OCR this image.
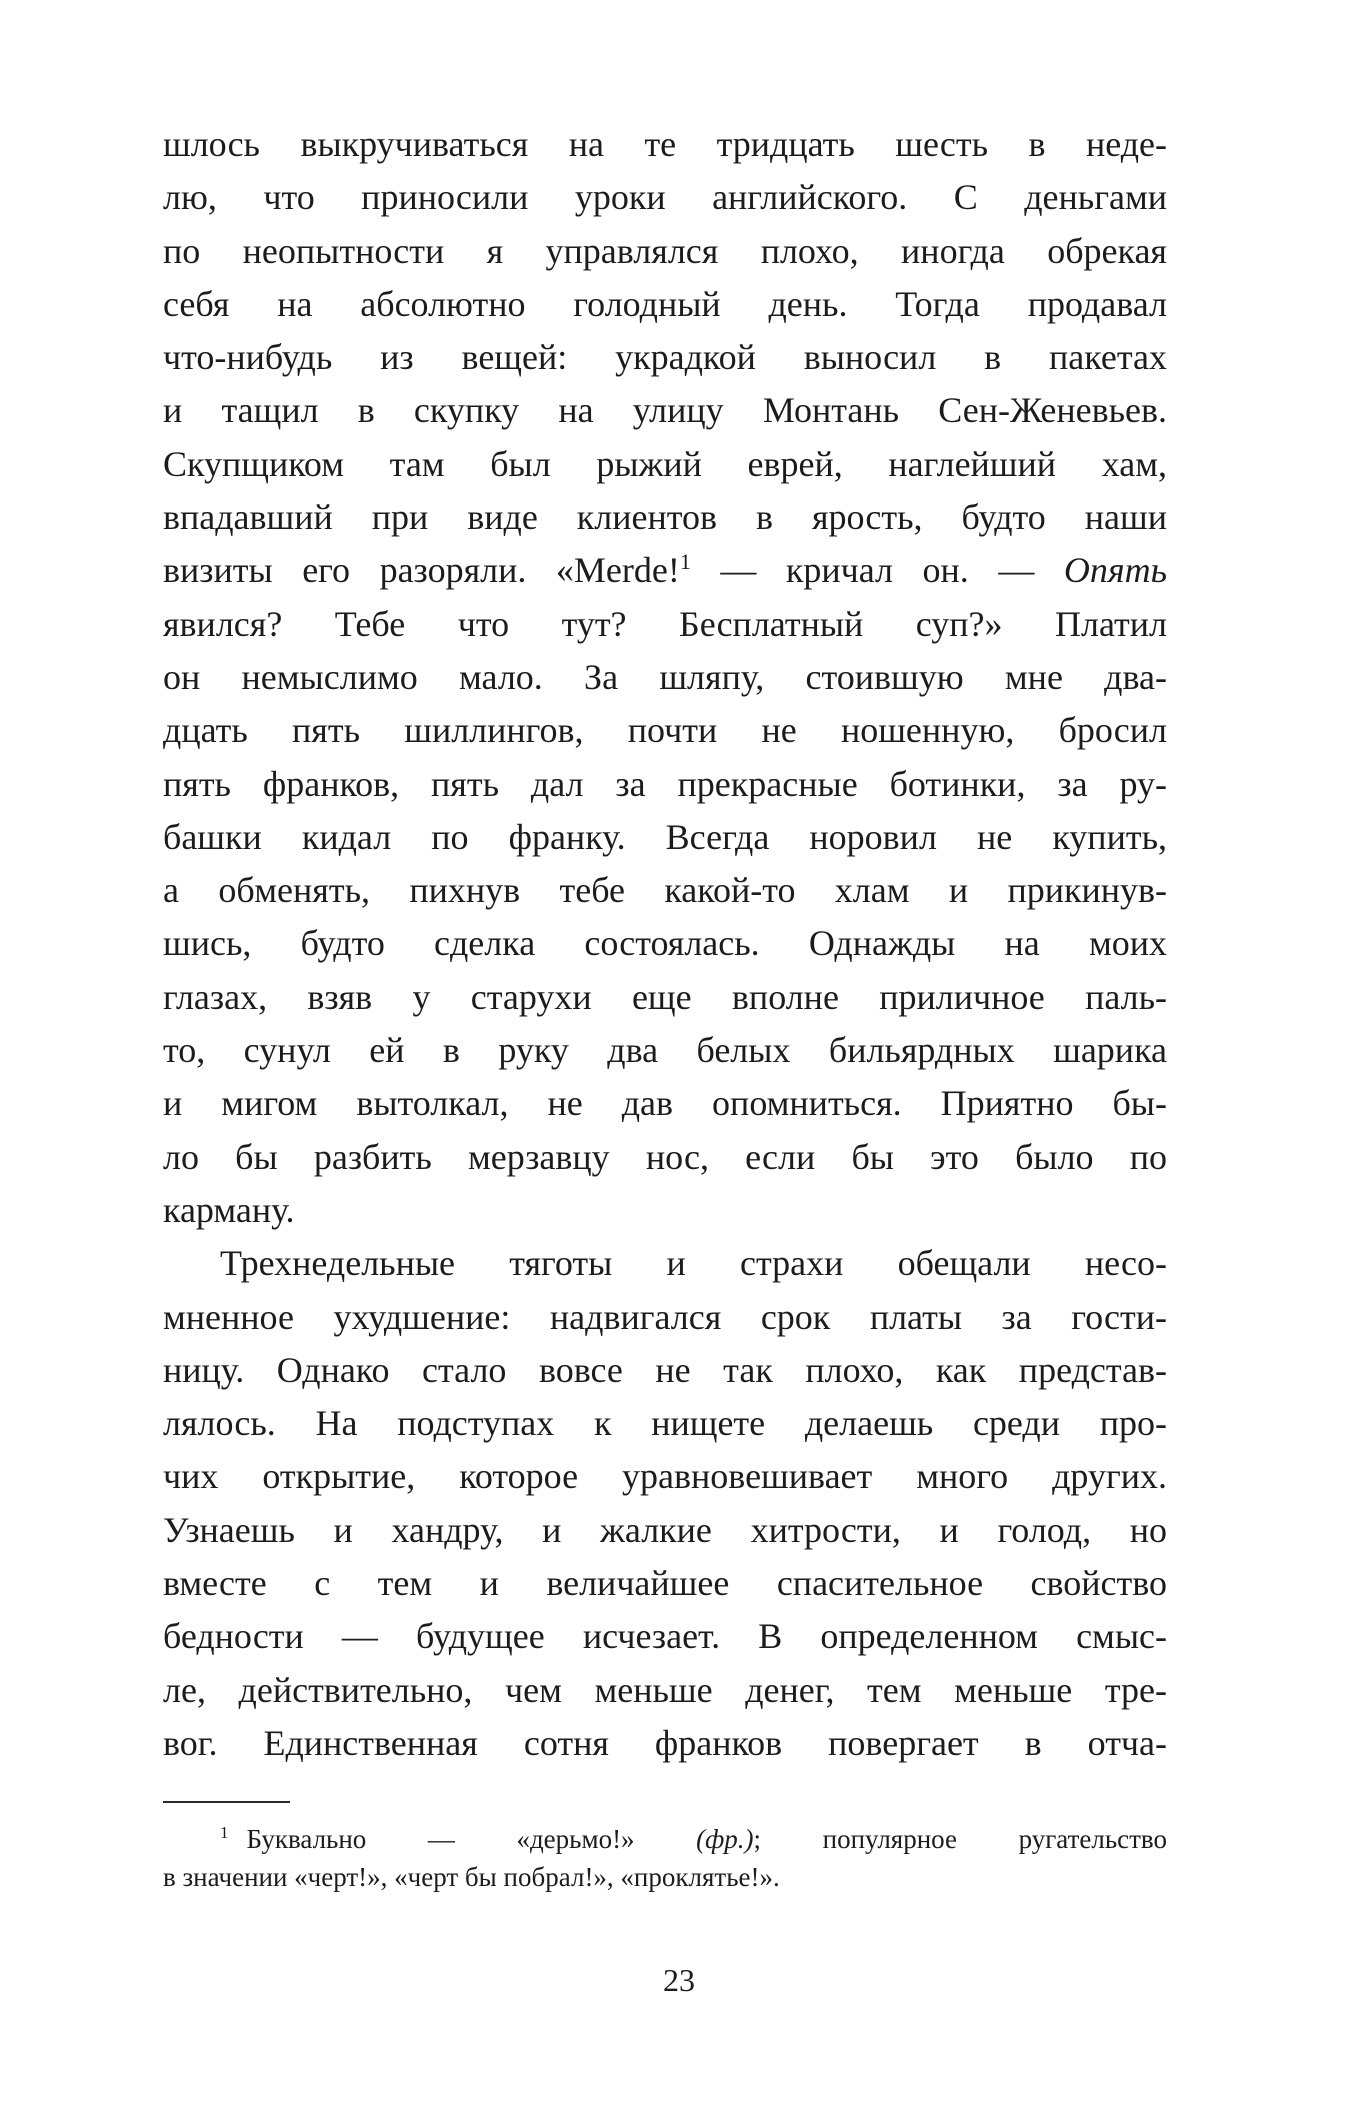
шлось выкручиваться на те тридцать шесть в неде-
лю, что приносили уроки английского. С деньгами
по неопытности я управлялся плохо, иногда обрекая
себя на абсолютно голодный день. Тогда продавал
что-нибудь из вещей: украдкой выносил в пакетах
и тащил в скупку на улицу Монтань Сен-Женевьев.
Скупщиком там был рыжий еврей, наглейший хам,
впадавший при виде клиентов в ярость, будто наши
визиты его разоряли. «Merde!$^1$ — кричал он. — Опять
явился? Тебе что тут? Бесплатный суп?» Платил
он немыслимо мало. За шляпу, стоившую мне два-
дцать пять шиллингов, почти не ношенную, бросил
пять франков, пять дал за прекрасные ботинки, за ру-
башки кидал по франку. Всегда норовил не купить,
а обменять, пихнув тебе какой-то хлам и прикинув-
шись, будто сделка состоялась. Однажды на моих
глазах, взяв у старухи еще вполне приличное паль-
то, сунул ей в руку два белых бильярдных шарика
и мигом вытолкал, не дав опомниться. Приятно бы-
ло бы разбить мерзавцу нос, если бы это было по
карману.
Трехнедельные тяготы и страхи обещали несо-
мненное ухудшение: надвигался срок платы за гости-
ницу. Однако стало вовсе не так плохо, как представ-
лялось. На подступах к нищете делаешь среди про-
чих открытие, которое уравновешивает много других.
Узнаешь и хандру, и жалкие хитрости, и голод, но
вместе с тем и величайшее спасительное свойство
бедности — будущее исчезает. В определенном смыс-
ле, действительно, чем меньше денег, тем меньше тре-
вог. Единственная сотня франков повергает в отча-
$^1$ Буквально — «дерьмо!» (фр.); популярное ругательство
в значении «черт!», «черт бы побрал!», «проклятье!».
23
